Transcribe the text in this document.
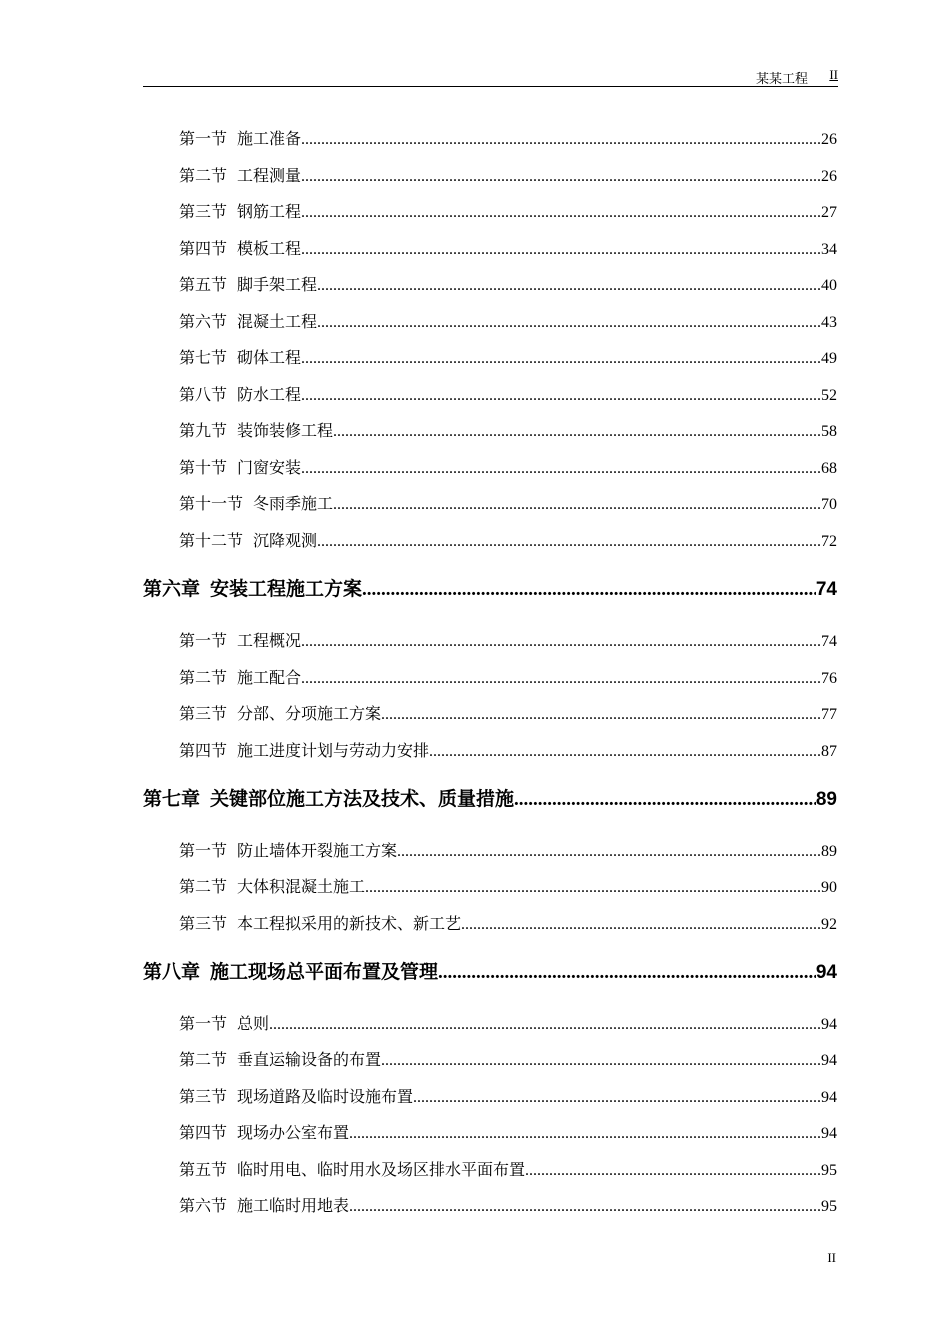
某某工程 II
第一节 施工准备 .....	26
第二节 工程测量 .....	26
第三节 钢筋工程 .....	27
第四节 模板工程 .....	34
第五节 脚手架工程 .....	40
第六节 混凝土工程 .....	43
第七节 砌体工程 .....	49
第八节 防水工程 .....	52
第九节 装饰装修工程 .....	58
第十节 门窗安装 .....	68
第十一节 冬雨季施工 .....	70
第十二节 沉降观测 .....	72
第六章 安装工程施工方案 .....	74
第一节 工程概况 .....	74
第二节 施工配合 .....	76
第三节 分部、分项施工方案 .....	77
第四节 施工进度计划与劳动力安排 .....	87
第七章 关键部位施工方法及技术、质量措施 .....	89
第一节 防止墙体开裂施工方案 .....	89
第二节 大体积混凝土施工 .....	90
第三节 本工程拟采用的新技术、新工艺 .....	92
第八章 施工现场总平面布置及管理 .....	94
第一节 总则 .....	94
第二节 垂直运输设备的布置 .....	94
第三节 现场道路及临时设施布置 .....	94
第四节 现场办公室布置 .....	94
第五节 临时用电、临时用水及场区排水平面布置 .....	95
第六节 施工临时用地表 .....	95
II
